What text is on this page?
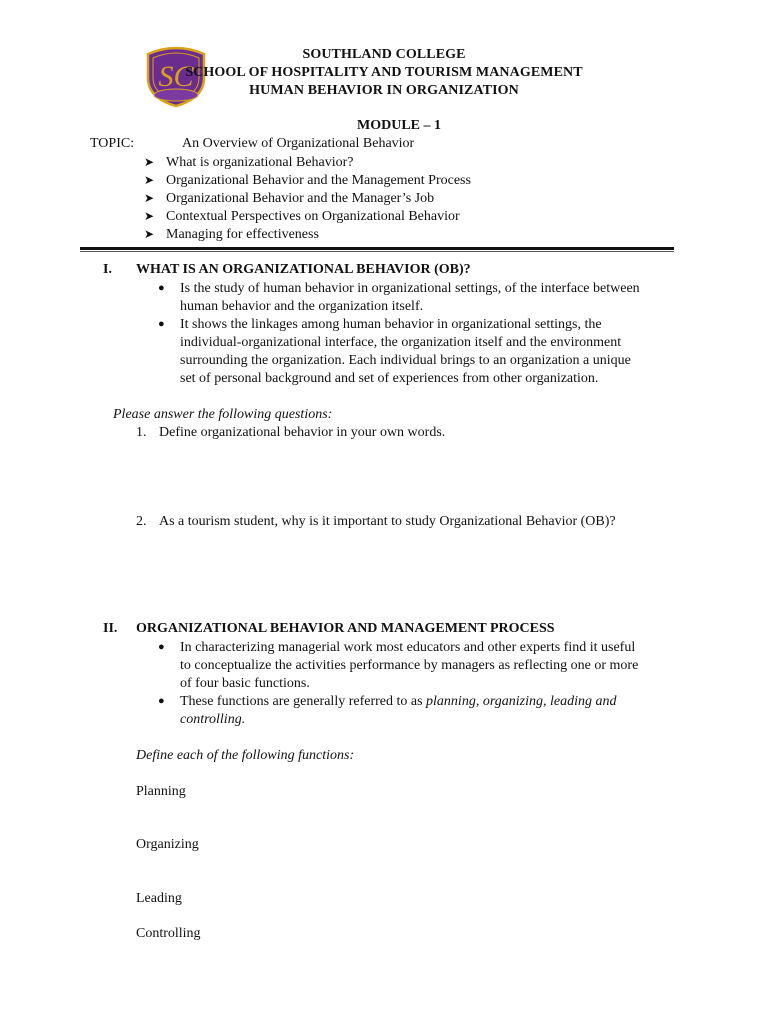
SC
SOUTHLAND COLLEGE
SCHOOL OF HOSPITALITY AND TOURISM MANAGEMENT
HUMAN BEHAVIOR IN ORGANIZATION
MODULE – 1
TOPIC:	An Overview of Organizational Behavior
➤ What is organizational Behavior?
➤ Organizational Behavior and the Management Process
➤ Organizational Behavior and the Manager’s Job
➤ Contextual Perspectives on Organizational Behavior
➤ Managing for effectiveness
I. WHAT IS AN ORGANIZATIONAL BEHAVIOR (OB)?
● Is the study of human behavior in organizational settings, of the interface between

human behavior and the organization itself.

● It shows the linkages among human behavior in organizational settings, the

individual-organizational interface, the organization itself and the environment

surrounding the organization. Each individual brings to an organization a unique

set of personal background and set of experiences from other organization.

Please answer the following questions:
1. Define organizational behavior in your own words.
2. As a tourism student, why is it important to study Organizational Behavior (OB)?
II. ORGANIZATIONAL BEHAVIOR AND MANAGEMENT PROCESS
● In characterizing managerial work most educators and other experts find it useful

to conceptualize the activities performance by managers as reflecting one or more

of four basic functions.

● These functions are generally referred to as planning, organizing, leading and

controlling.

Define each of the following functions:
Planning
Organizing
Leading
Controlling
